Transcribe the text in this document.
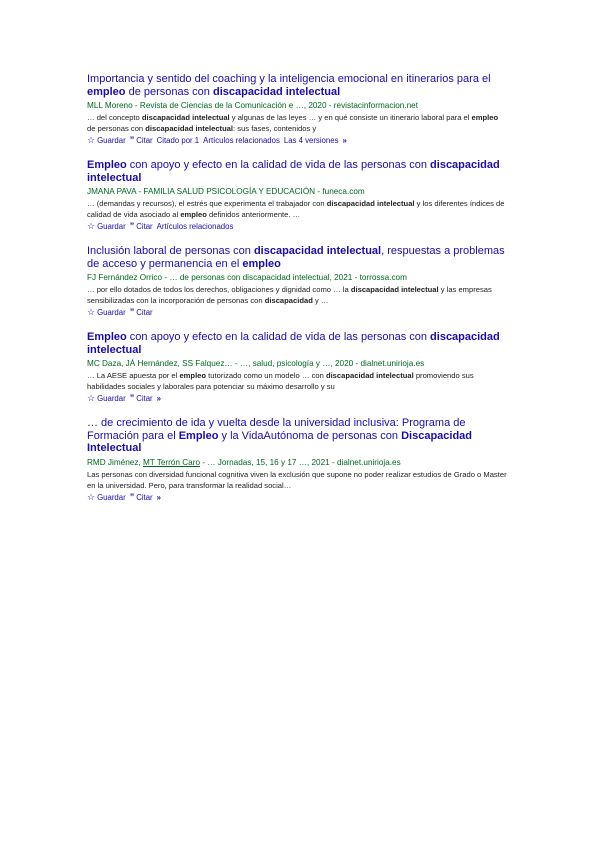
Importancia y sentido del coaching y la inteligencia emocional en itinerarios para el empleo de personas con discapacidad intelectual
MLL Moreno - Revista de Ciencias de la Comunicación e …, 2020 - revistacinformacion.net
… del concepto discapacidad intelectual y algunas de las leyes … y en qué consiste un itinerario laboral para el empleo de personas con discapacidad intelectual: sus fases, contenidos y
☆ Guardar ” Citar Citado por 1 Artículos relacionados Las 4 versiones »
Empleo con apoyo y efecto en la calidad de vida de las personas con discapacidad intelectual
JMANA PAVA - FAMILIA SALUD PSICOLOGÍA Y EDUCACIÓN - funeca.com
… (demandas y recursos), el estrés que experimenta el trabajador con discapacidad intelectual y los diferentes índices de calidad de vida asociado al empleo definidos anteriormente. …
☆ Guardar ” Citar Artículos relacionados
Inclusión laboral de personas con discapacidad intelectual, respuestas a problemas de acceso y permanencia en el empleo
FJ Fernández Orrico - … de personas con discapacidad intelectual, 2021 - torrossa.com
… por ello dotados de todos los derechos, obligaciones y dignidad como … la discapacidad intelectual y las empresas sensibilizadas con la incorporación de personas con discapacidad y …
☆ Guardar ” Citar
Empleo con apoyo y efecto en la calidad de vida de las personas con discapacidad intelectual
MC Daza, JÁ Hernández, SS Falquez… - …, salud, psicología y …, 2020 - dialnet.unirioja.es
… La AESE apuesta por el empleo tutorizado como un modelo … con discapacidad intelectual promoviendo sus habilidades sociales y laborales para potenciar su máximo desarrollo y su
☆ Guardar ” Citar »
… de crecimiento de ida y vuelta desde la universidad inclusiva: Programa de Formación para el Empleo y la VidaAutónoma de personas con Discapacidad Intelectual
RMD Jiménez, MT Terrón Caro - … Jornadas, 15, 16 y 17 …, 2021 - dialnet.unirioja.es
Las personas con diversidad funcional cognitiva viven la exclusión que supone no poder realizar estudios de Grado o Master en la universidad. Pero, para transformar la realidad social…
☆ Guardar ” Citar »
